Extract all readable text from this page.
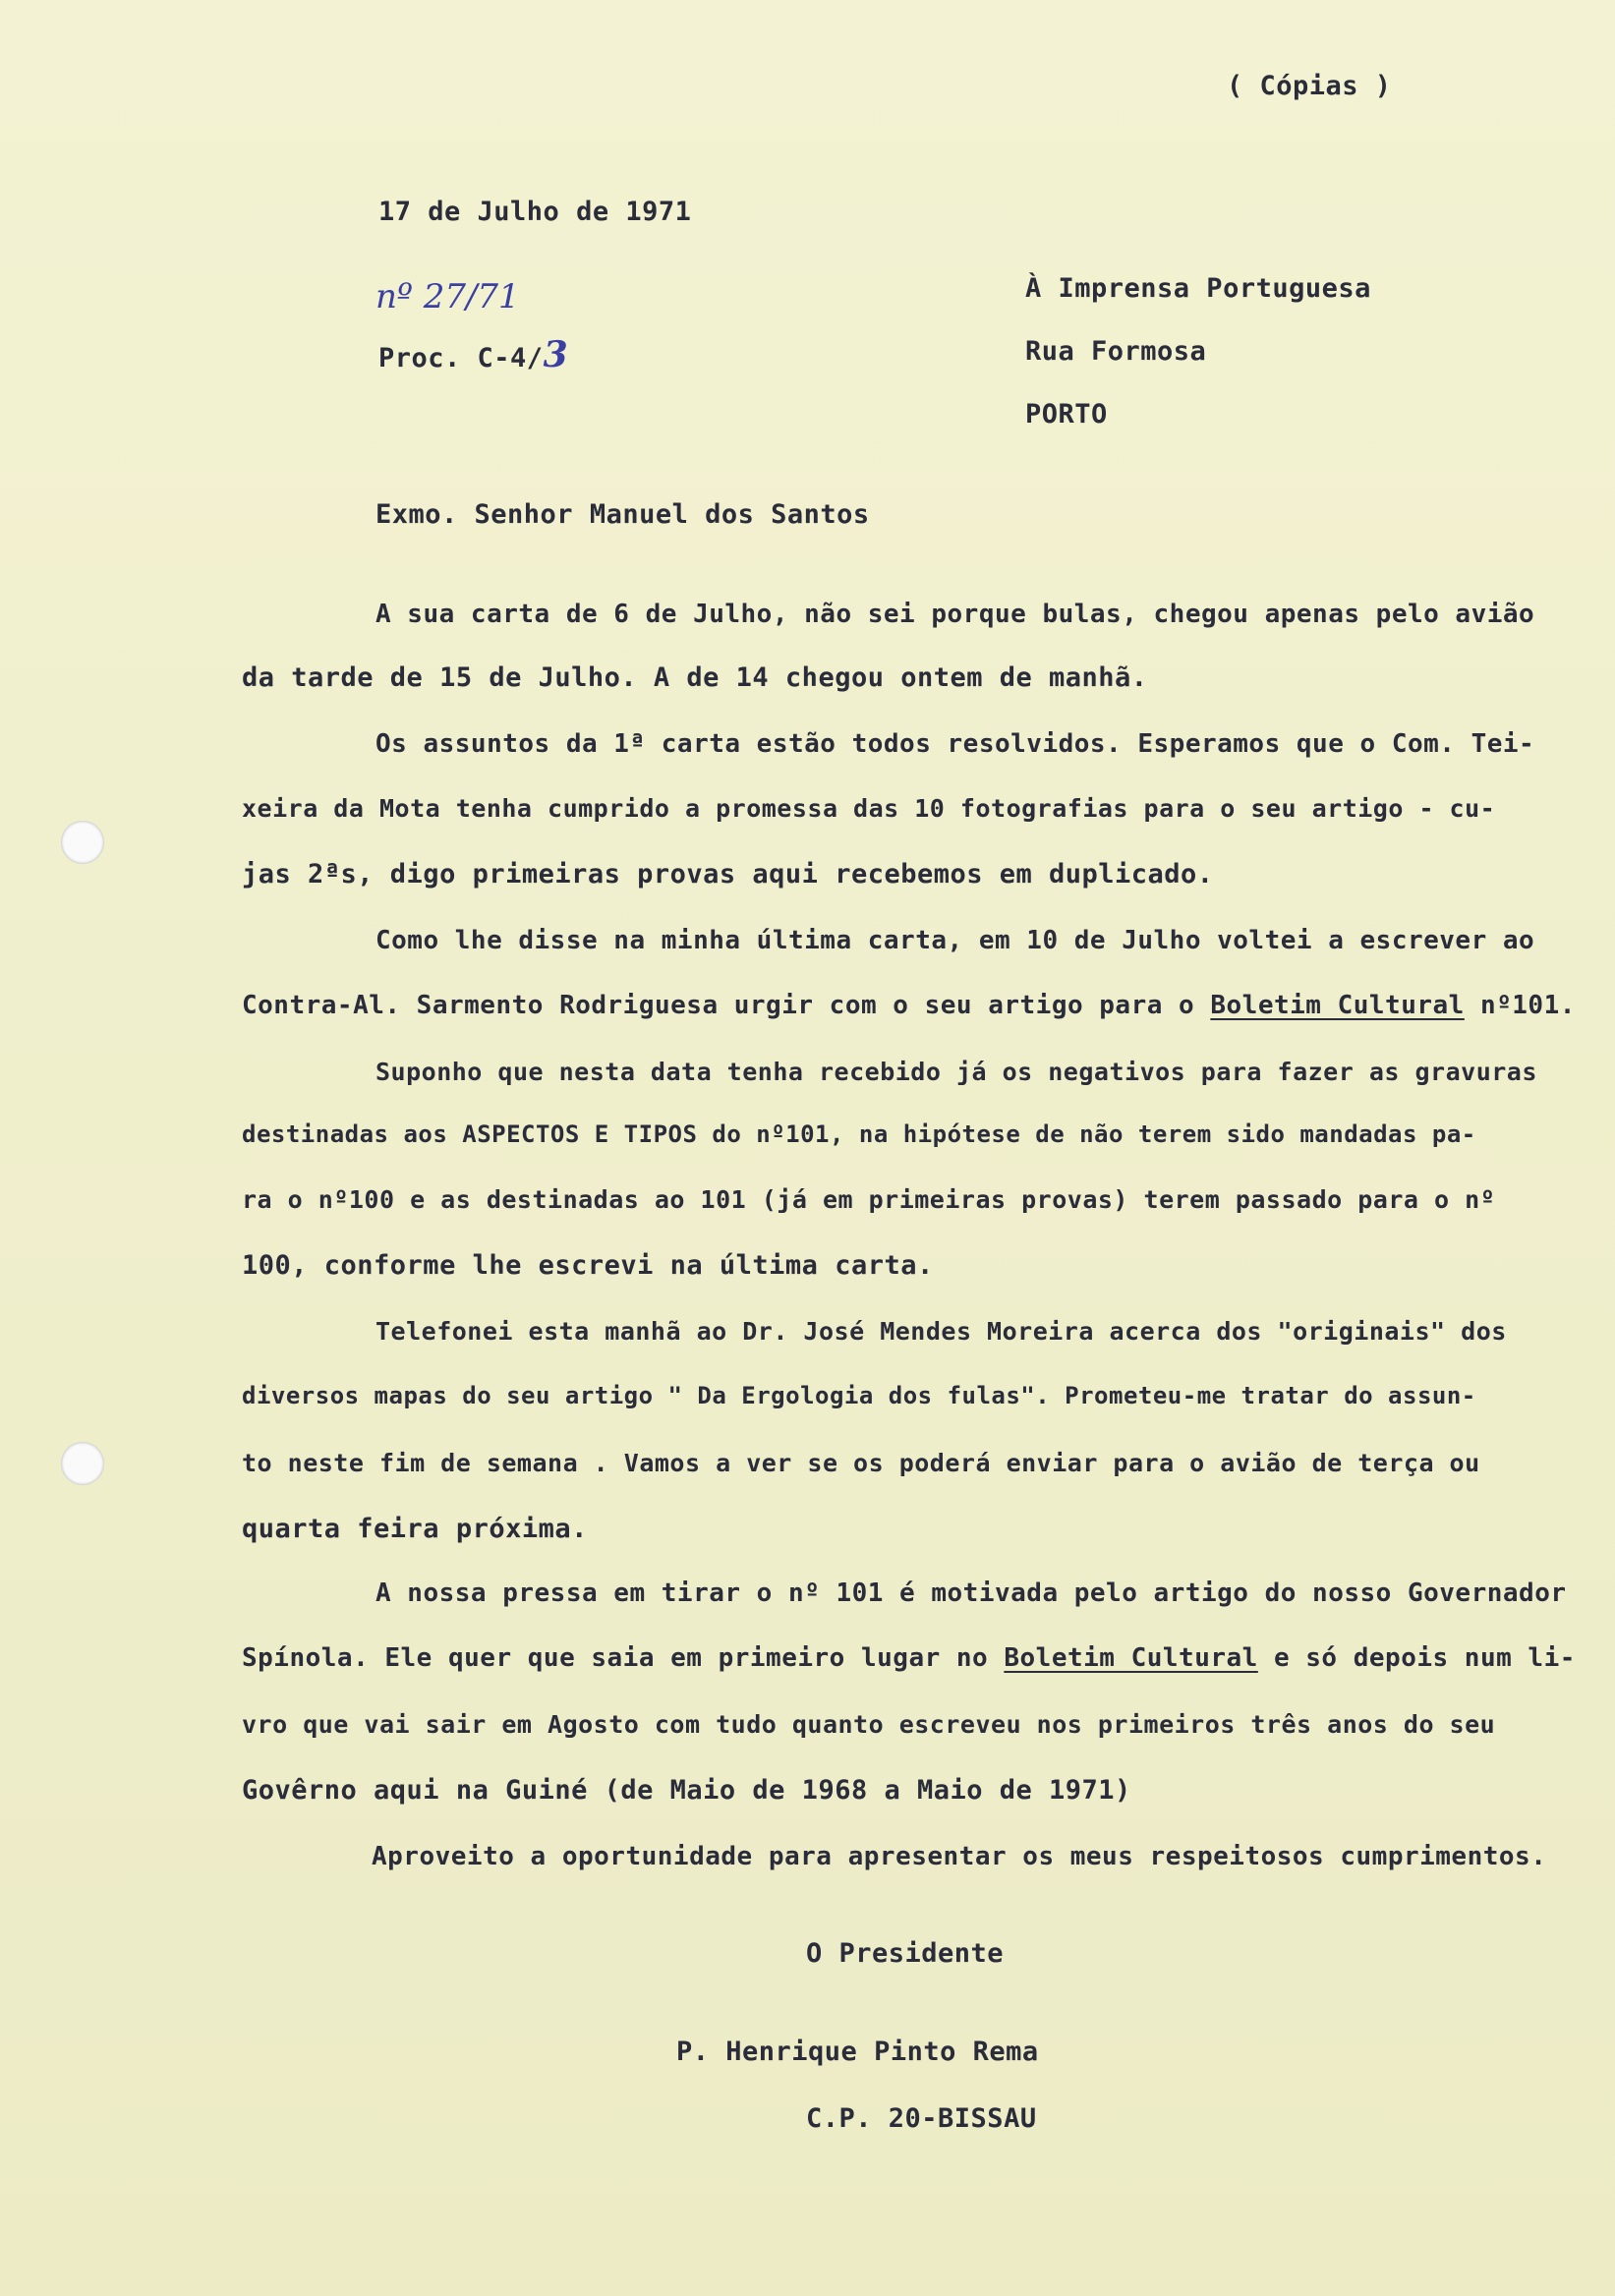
( Cópias )
17 de Julho de 1971
nº 27/71
Proc. C-4/3
À Imprensa Portuguesa
Rua Formosa
PORTO
Exmo. Senhor Manuel dos Santos
A sua carta de 6 de Julho, não sei porque bulas, chegou apenas pelo avião
da tarde de 15 de Julho. A de 14 chegou ontem de manhã.
Os assuntos da 1ª carta estão todos resolvidos. Esperamos que o Com. Tei-
xeira da Mota tenha cumprido a promessa das 10 fotografias para o seu artigo - cu-
jas 2ªs, digo primeiras provas aqui recebemos em duplicado.
Como lhe disse na minha última carta, em 10 de Julho voltei a escrever ao
Contra-Al. Sarmento Rodriguesa urgir com o seu artigo para o Boletim Cultural nº101.
Suponho que nesta data tenha recebido já os negativos para fazer as gravuras
destinadas aos ASPECTOS E TIPOS do nº101, na hipótese de não terem sido mandadas pa-
ra o nº100 e as destinadas ao 101 (já em primeiras provas) terem passado para o nº
100, conforme lhe escrevi na última carta.
Telefonei esta manhã ao Dr. José Mendes Moreira acerca dos "originais" dos
diversos mapas do seu artigo " Da Ergologia dos fulas". Prometeu-me tratar do assun-
to neste fim de semana . Vamos a ver se os poderá enviar para o avião de terça ou
quarta feira próxima.
A nossa pressa em tirar o nº 101 é motivada pelo artigo do nosso Governador
Spínola. Ele quer que saia em primeiro lugar no Boletim Cultural e só depois num li-
vro que vai sair em Agosto com tudo quanto escreveu nos primeiros três anos do seu
Govêrno aqui na Guiné (de Maio de 1968 a Maio de 1971)
Aproveito a oportunidade para apresentar os meus respeitosos cumprimentos.
O Presidente
P. Henrique Pinto Rema
C.P. 20-BISSAU
